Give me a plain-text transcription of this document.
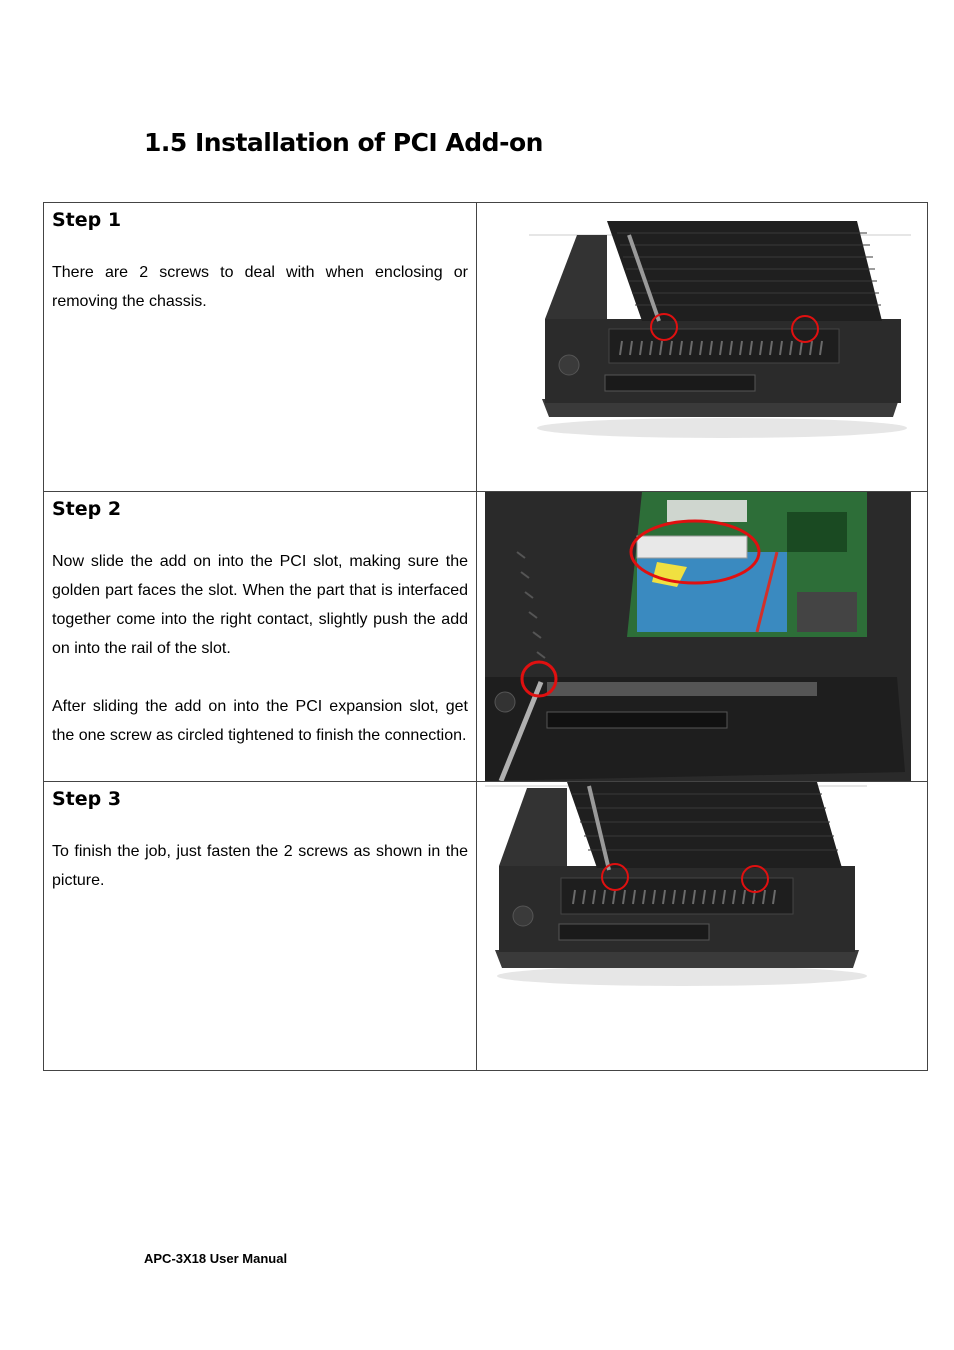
1.5 Installation of PCI Add-on
Step 1

There are 2 screws to deal with when enclosing or removing the chassis.

Step 2

Now slide the add on into the PCI slot, making sure the golden part faces the slot. When the part that is interfaced together come into the right contact, slightly push the add on into the rail of the slot.

After sliding the add on into the PCI expansion slot, get the one screw as circled tightened to finish the connection.

Step 3

To finish the job, just fasten the 2 screws as shown in the picture.

APC-3X18 User Manual
